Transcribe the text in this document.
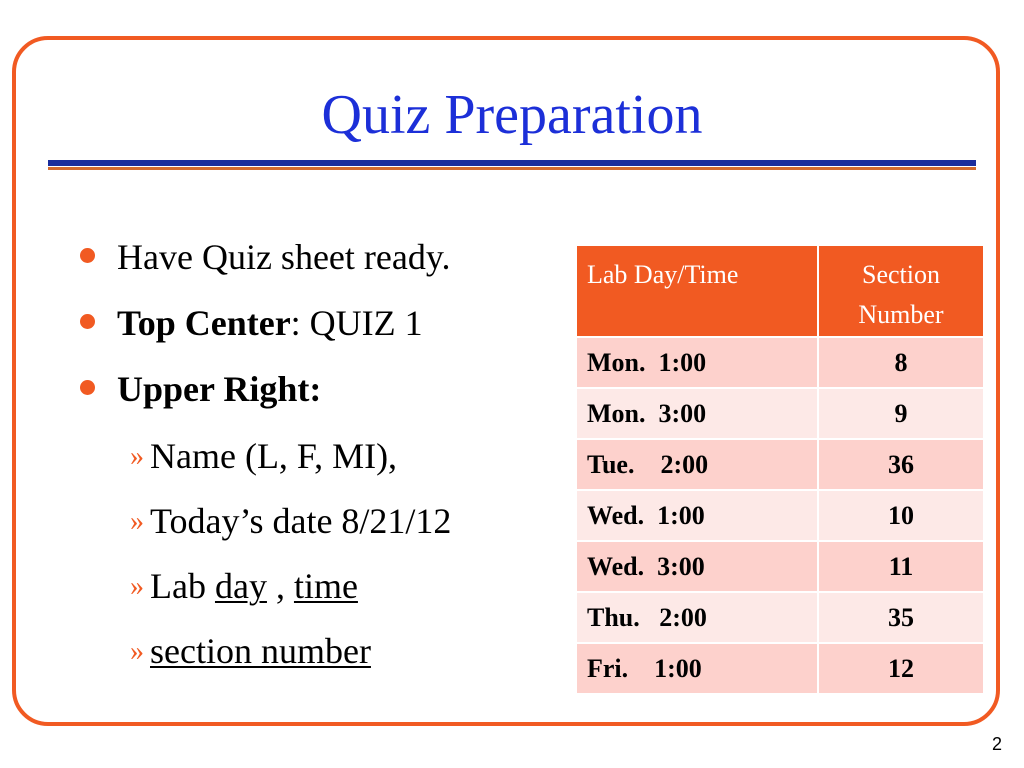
Quiz Preparation
Have Quiz sheet ready.
Top Center: QUIZ 1
Upper Right:
» Name (L, F, MI),
» Today’s date 8/21/12
» Lab day , time
» section number
Lab Day/Time	Section Number
Mon.  1:00	8
Mon.  3:00	9
Tue.    2:00	36
Wed.  1:00	10
Wed.  3:00	11
Thu.   2:00	35
Fri.    1:00	12
2
